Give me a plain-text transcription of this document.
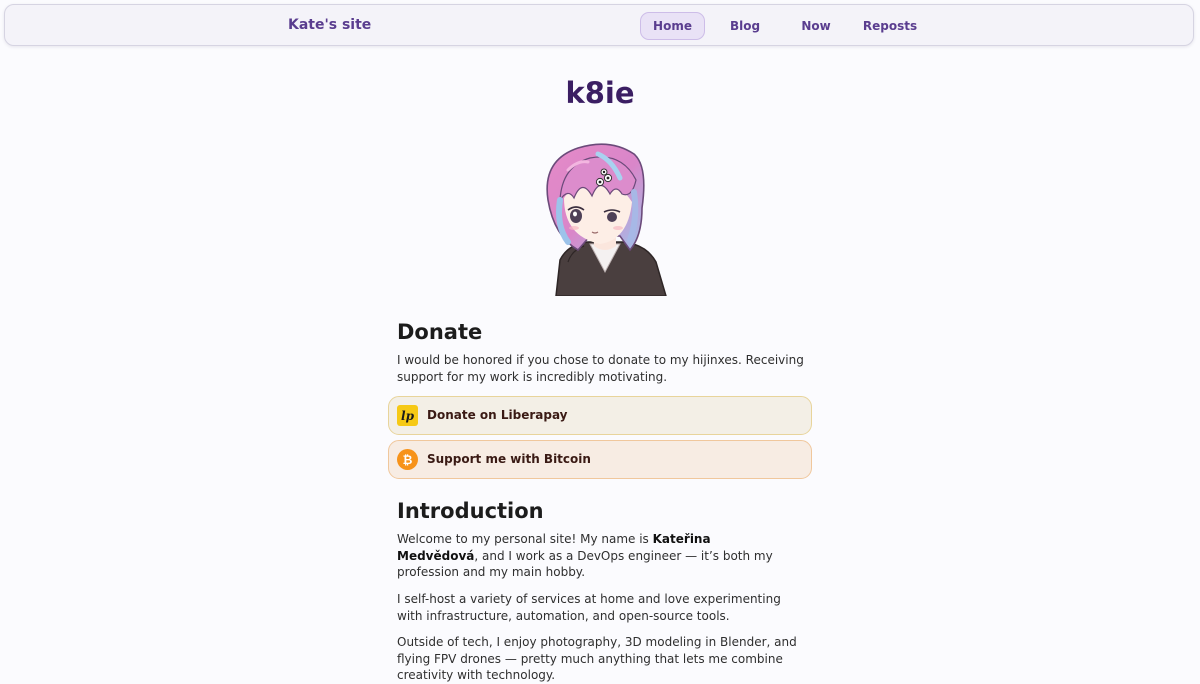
Kate's site	Home	Blog	Now	Reposts
k8ie
Donate

I would be honored if you chose to donate to my hijinxes. Receiving support for my work is incredibly motivating.

lp Donate on Liberapay
₿ Support me with Bitcoin
Introduction

Welcome to my personal site! My name is Kateřina Medvědová, and I work as a DevOps engineer — it’s both my profession and my main hobby.

I self-host a variety of services at home and love experimenting with infrastructure, automation, and open-source tools.

Outside of tech, I enjoy photography, 3D modeling in Blender, and flying FPV drones — pretty much anything that lets me combine creativity with technology.
